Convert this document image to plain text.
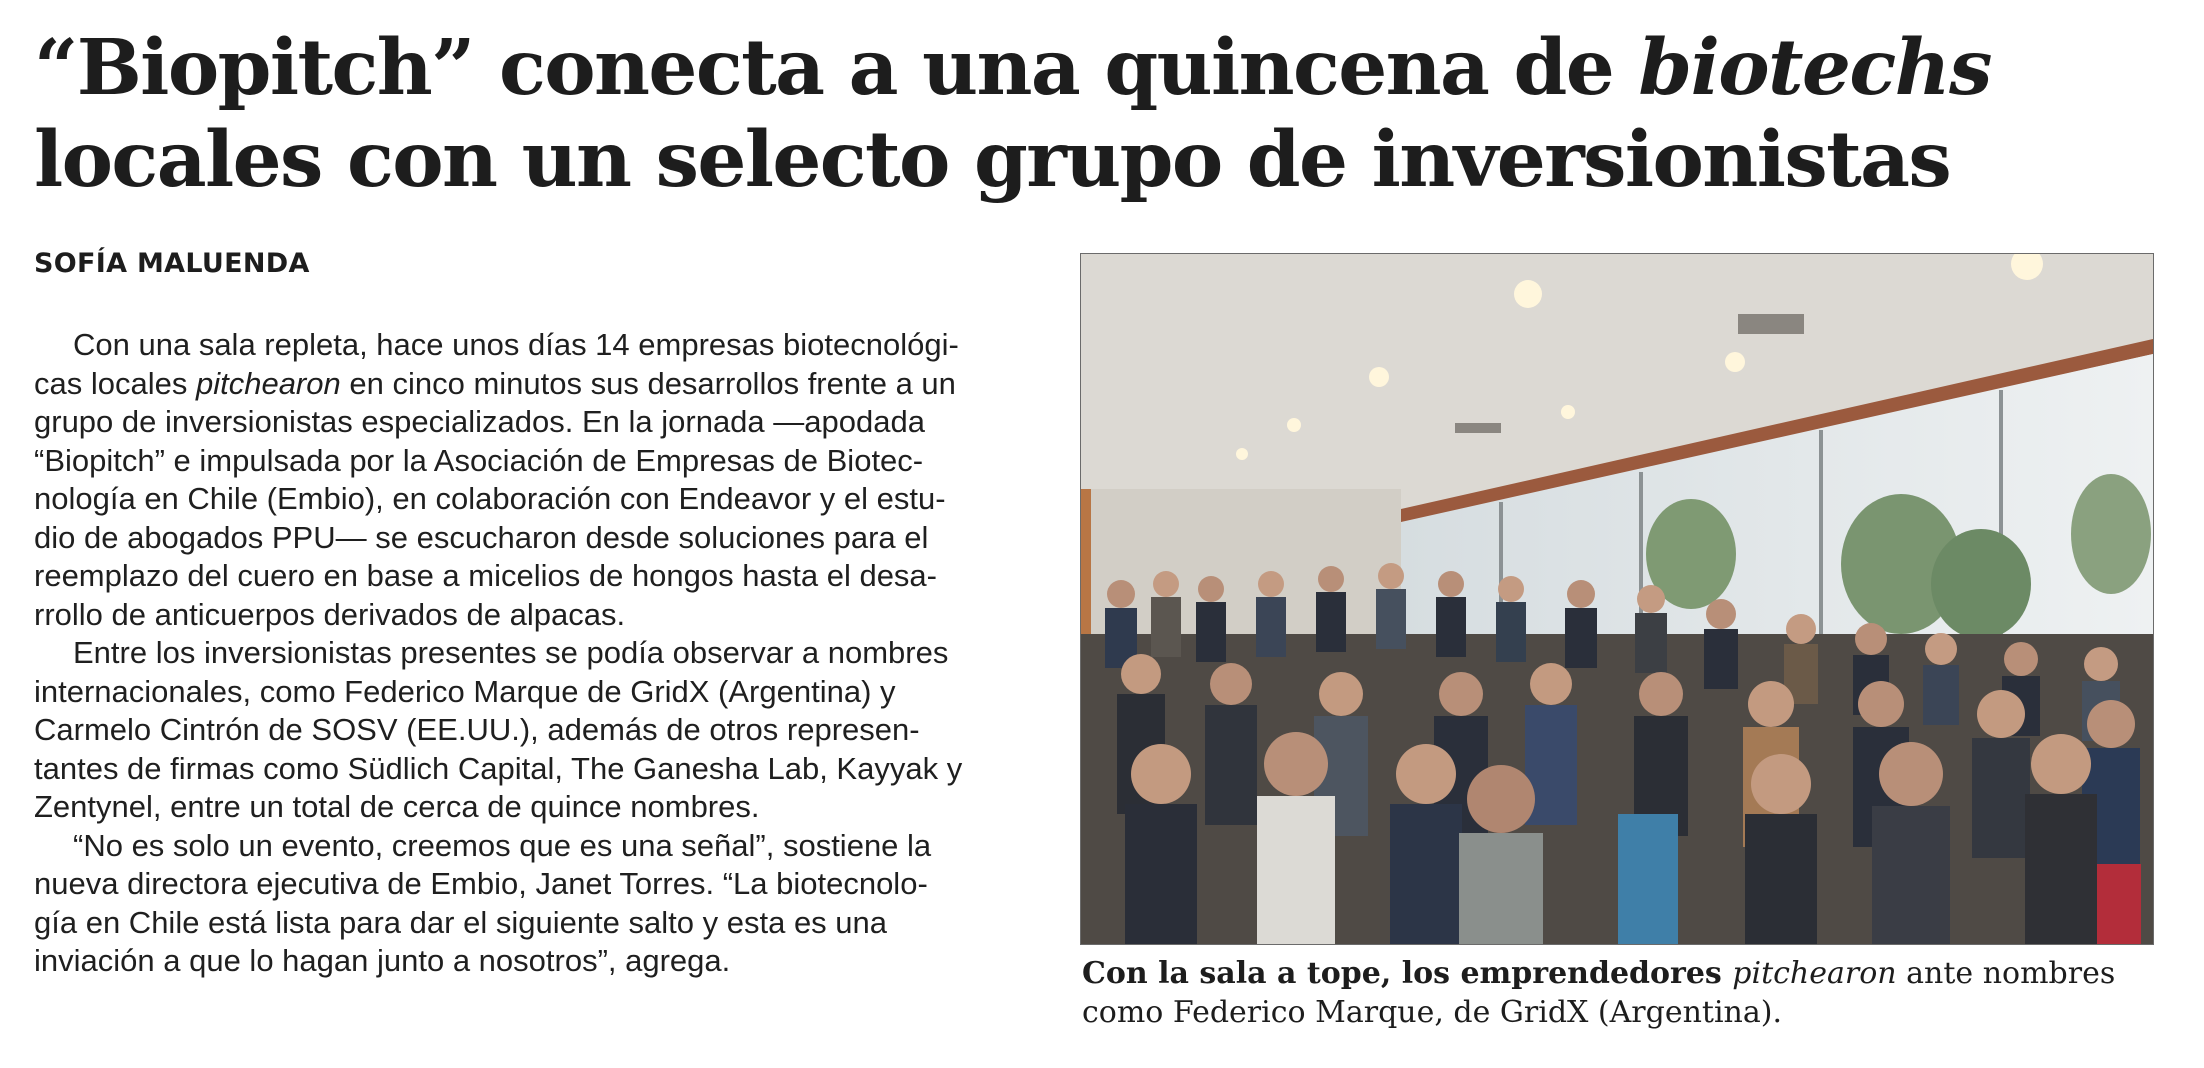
“Biopitch” conecta a una quincena de biotechs
locales con un selecto grupo de inversionistas
SOFÍA MALUENDA
Con una sala repleta, hace unos días 14 empresas biotecnológi-
cas locales pitchearon en cinco minutos sus desarrollos frente a un
grupo de inversionistas especializados. En la jornada —apodada
“Biopitch” e impulsada por la Asociación de Empresas de Biotec-
nología en Chile (Embio), en colaboración con Endeavor y el estu-
dio de abogados PPU— se escucharon desde soluciones para el
reemplazo del cuero en base a micelios de hongos hasta el desa-
rrollo de anticuerpos derivados de alpacas.
Entre los inversionistas presentes se podía observar a nombres
internacionales, como Federico Marque de GridX (Argentina) y
Carmelo Cintrón de SOSV (EE.UU.), además de otros represen-
tantes de firmas como Südlich Capital, The Ganesha Lab, Kayyak y
Zentynel, entre un total de cerca de quince nombres.
“No es solo un evento, creemos que es una señal”, sostiene la
nueva directora ejecutiva de Embio, Janet Torres. “La biotecnolo-
gía en Chile está lista para dar el siguiente salto y esta es una
inviación a que lo hagan junto a nosotros”, agrega.	Con la sala a tope, los emprendedores pitchearon ante nombres
como Federico Marque, de GridX (Argentina).
